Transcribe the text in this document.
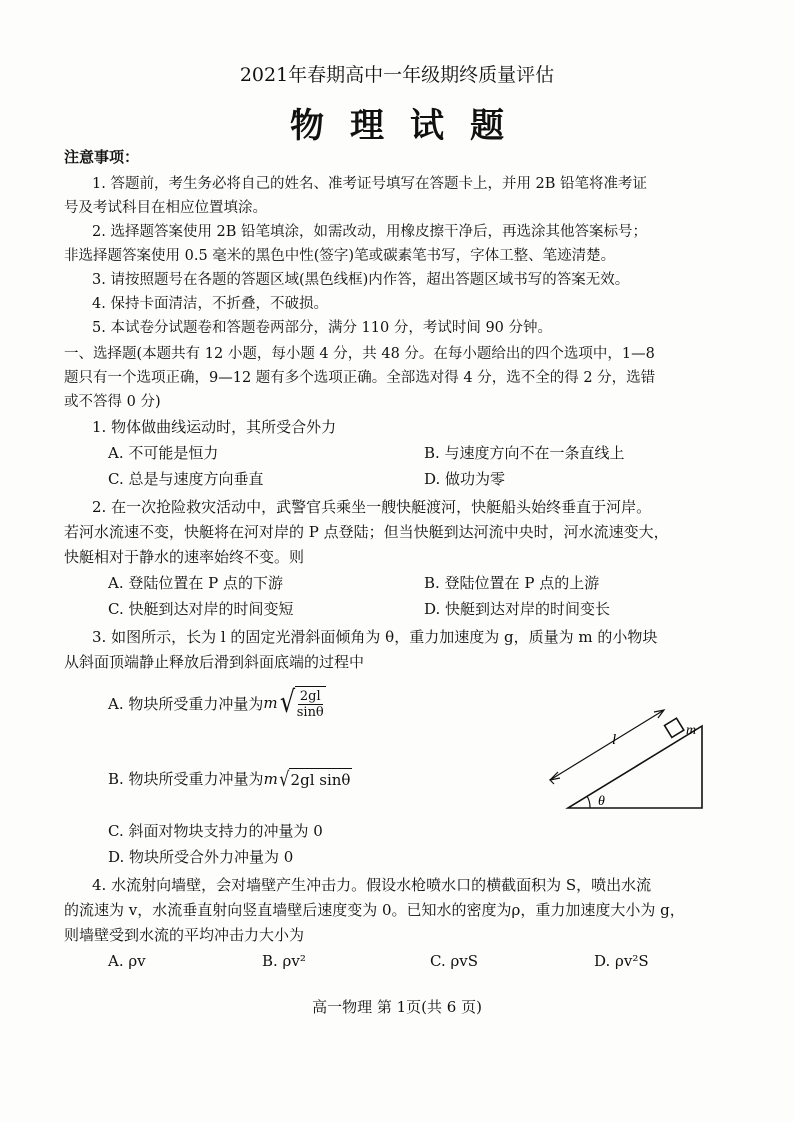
2021年春期高中一年级期终质量评估
物理试题
注意事项：
1. 答题前，考生务必将自己的姓名、准考证号填写在答题卡上，并用 2B 铅笔将准考证
号及考试科目在相应位置填涂。
2. 选择题答案使用 2B 铅笔填涂，如需改动，用橡皮擦干净后，再选涂其他答案标号；
非选择题答案使用 0.5 毫米的黑色中性(签字)笔或碳素笔书写，字体工整、笔迹清楚。
3. 请按照题号在各题的答题区域(黑色线框)内作答，超出答题区域书写的答案无效。
4. 保持卡面清洁，不折叠，不破损。
5. 本试卷分试题卷和答题卷两部分，满分 110 分，考试时间 90 分钟。
一、选择题(本题共有 12 小题，每小题 4 分，共 48 分。在每小题给出的四个选项中，1—8
题只有一个选项正确，9—12 题有多个选项正确。全部选对得 4 分，选不全的得 2 分，选错
或不答得 0 分)
1. 物体做曲线运动时，其所受合外力
A. 不可能是恒力	B. 与速度方向不在一条直线上
C. 总是与速度方向垂直	D. 做功为零
2. 在一次抢险救灾活动中，武警官兵乘坐一艘快艇渡河，快艇船头始终垂直于河岸。
若河水流速不变，快艇将在河对岸的 P 点登陆；但当快艇到达河流中央时，河水流速变大，
快艇相对于静水的速率始终不变。则
A. 登陆位置在 P 点的下游	B. 登陆位置在 P 点的上游
C. 快艇到达对岸的时间变短	D. 快艇到达对岸的时间变长
3. 如图所示，长为 l 的固定光滑斜面倾角为 θ，重力加速度为 g，质量为 m 的小物块
从斜面顶端静止释放后滑到斜面底端的过程中
A. 物块所受重力冲量为 m √ $\frac{2gl}{\sin\theta}$
B. 物块所受重力冲量为 m √ 2gl sinθ
C. 斜面对物块支持力的冲量为 0
D. 物块所受合外力冲量为 0
θ
l
m
4. 水流射向墙壁，会对墙壁产生冲击力。假设水枪喷水口的横截面积为 S，喷出水流
的流速为 v，水流垂直射向竖直墙壁后速度变为 0。已知水的密度为ρ，重力加速度大小为 g，
则墙壁受到水流的平均冲击力大小为
A. ρv	B. ρv²	C. ρvS	D. ρv²S
高一物理 第 1页(共 6 页)
